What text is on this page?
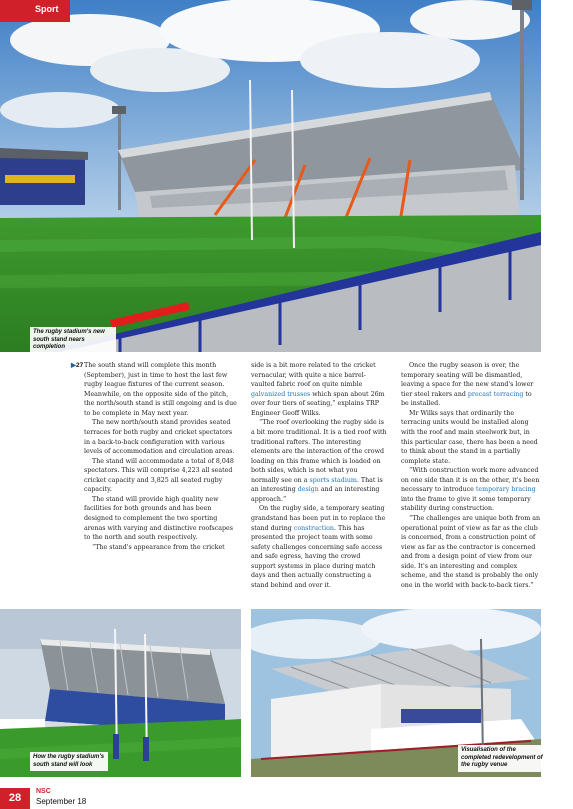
Sport
The rugby stadium's new south stand nears completion
▶27 The south stand will complete this month (September), just in time to host the last few rugby league fixtures of the current season. Meanwhile, on the opposite side of the pitch, the north/south stand is still ongoing and is due to be complete in May next year.

The new north/south stand provides seated terraces for both rugby and cricket spectators in a back-to-back configuration with various levels of accommodation and circulation areas.

The stand will accommodate a total of 8,048 spectators. This will comprise 4,223 all seated cricket capacity and 3,825 all seated rugby capacity.

The stand will provide high quality new facilities for both grounds and has been designed to complement the two sporting arenas with varying and distinctive roofscapes to the north and south respectively.

“The stand's appearance from the cricket

side is a bit more related to the cricket vernacular, with quite a nice barrel-vaulted fabric roof on quite nimble galvanized trusses which span about 26m over four tiers of seating,” explains TRP Engineer Geoff Wilks.

“The roof overlooking the rugby side is a bit more traditional. It is a tied roof with traditional rafters. The interesting elements are the interaction of the crowd loading on this frame which is loaded on both sides, which is not what you normally see on a sports stadium. That is an interesting design and an interesting approach.”

On the rugby side, a temporary seating grandstand has been put in to replace the stand during construction. This has presented the project team with some safety challenges concerning safe access and safe egress, having the crowd support systems in place during match days and then actually constructing a stand behind and over it.

Once the rugby season is over, the temporary seating will be dismantled, leaving a space for the new stand's lower tier steel rakers and precast terracing to be installed.

Mr Wilks says that ordinarily the terracing units would be installed along with the roof and main steelwork but, in this particular case, there has been a need to think about the stand in a partially complete state.

“With construction work more advanced on one side than it is on the other, it's been necessary to introduce temporary bracing into the frame to give it some temporary stability during construction.

“The challenges are unique both from an operational point of view as far as the club is concerned, from a construction point of view as far as the contractor is concerned and from a design point of view from our side. It's an interesting and complex scheme, and the stand is probably the only one in the world with back-to-back tiers.”

How the rugby stadium's south stand will look
Visualisation of the completed redevelopment of the rugby venue
28
NSC
September 18
